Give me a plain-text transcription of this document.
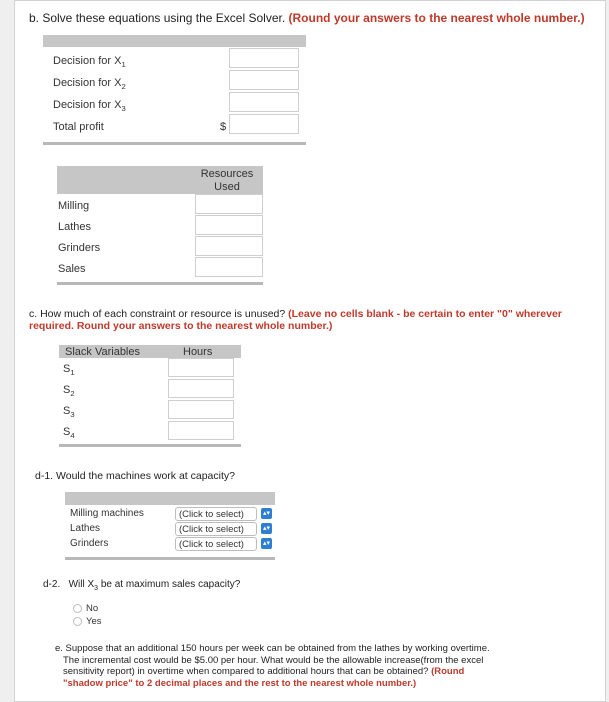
b. Solve these equations using the Excel Solver. (Round your answers to the nearest whole number.)
Decision for $X_1$
Decision for $X_2$
Decision for $X_3$
Total profit	$
Resources Used
Milling
Lathes
Grinders
Sales
c. How much of each constraint or resource is unused? (Leave no cells blank - be certain to enter "0" wherever required. Round your answers to the nearest whole number.)
Slack Variables	Hours
$S_1$
$S_2$
$S_3$
$S_4$
d-1. Would the machines work at capacity?
Milling machines	(Click to select)	▴▾
Lathes	(Click to select)	▴▾
Grinders	(Click to select)	▴▾
d-2. Will $X_3$ be at maximum sales capacity?
No
Yes
e. Suppose that an additional 150 hours per week can be obtained from the lathes by working overtime.
The incremental cost would be $5.00 per hour. What would be the allowable increase(from the excel
sensitivity report) in overtime when compared to additional hours that can be obtained? (Round
"shadow price" to 2 decimal places and the rest to the nearest whole number.)
